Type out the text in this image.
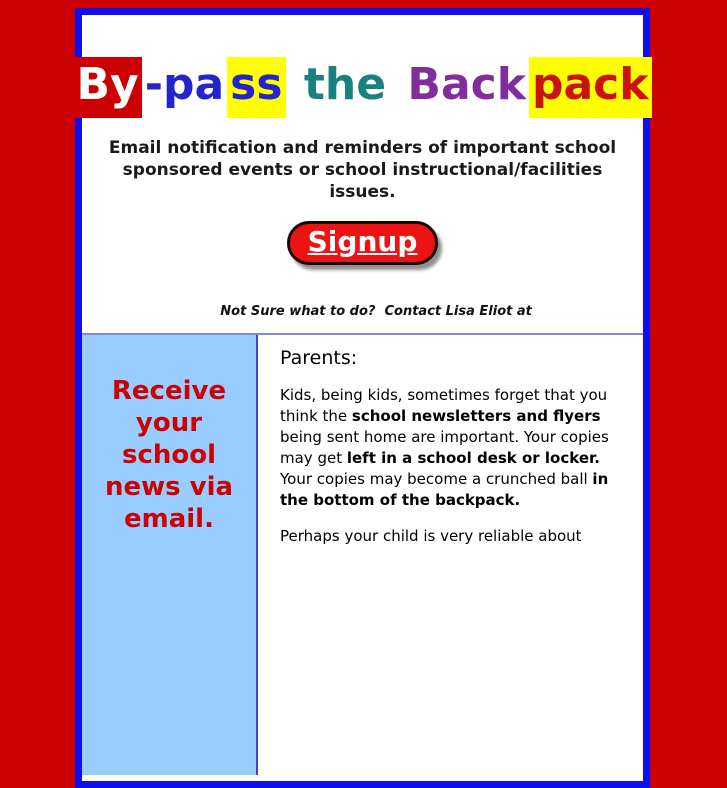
By -pa ss the Back pack
Email notification and reminders of important school
sponsored events or school instructional/facilities
issues.
Signup

Not Sure what to do?  Contact Lisa Eliot at

Receive
your
school
news via
email.

Parents:

Kids, being kids, sometimes forget that you think the school newsletters and flyers being sent home are important. Your copies may get left in a school desk or locker. Your copies may become a crunched ball in the bottom of the backpack.

Perhaps your child is very reliable about
